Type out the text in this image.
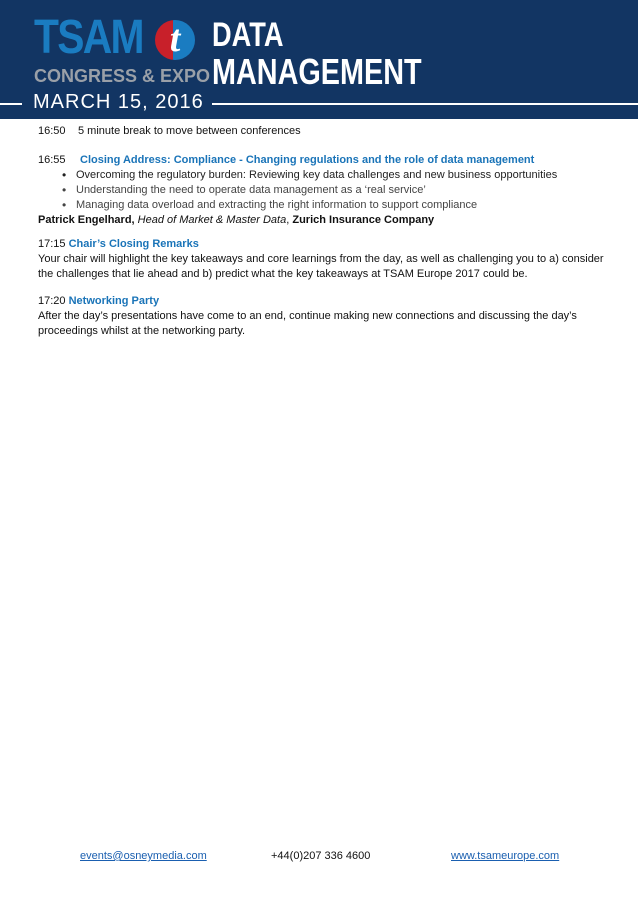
TSAM t
CONGRESS & EXPO
DATA
MANAGEMENT
MARCH 15, 2016
16:50 5 minute break to move between conferences
16:55 Closing Address: Compliance - Changing regulations and the role of data management
• Overcoming the regulatory burden: Reviewing key data challenges and new business opportunities
• Understanding the need to operate data management as a ‘real service’
• Managing data overload and extracting the right information to support compliance
Patrick Engelhard, Head of Market & Master Data, Zurich Insurance Company
17:15 Chair’s Closing Remarks
Your chair will highlight the key takeaways and core learnings from the day, as well as challenging you to a) consider the challenges that lie ahead and b) predict what the key takeaways at TSAM Europe 2017 could be.
17:20 Networking Party
After the day’s presentations have come to an end, continue making new connections and discussing the day’s proceedings whilst at the networking party.
events@osneymedia.com	+44(0)207 336 4600	www.tsameurope.com
